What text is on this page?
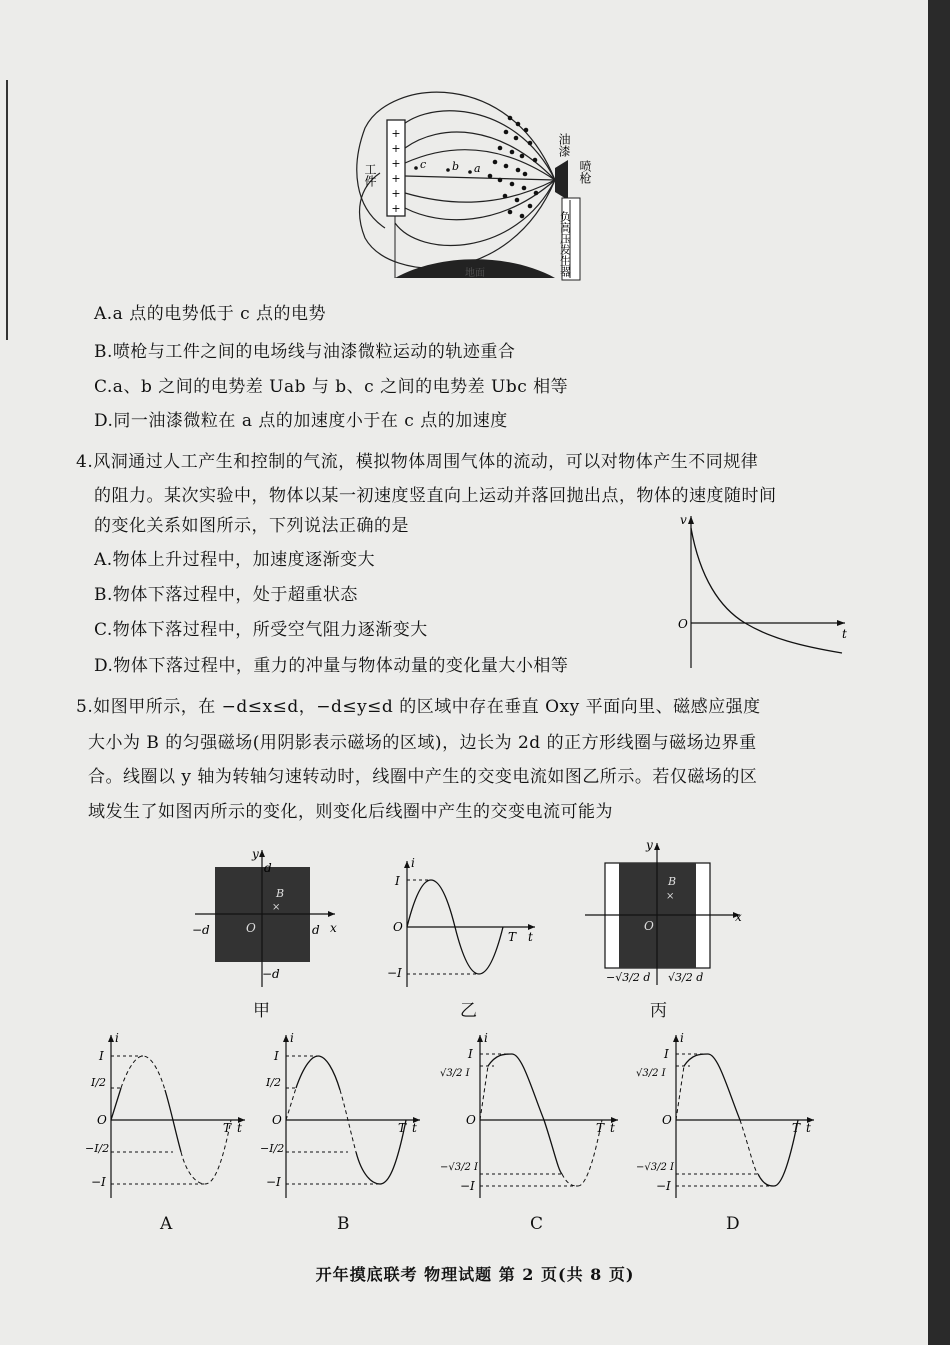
+
+
+
+
+
+
工件	c b a
油漆
喷枪
负高压发生器
地面
A.a 点的电势低于 c 点的电势
B.喷枪与工件之间的电场线与油漆微粒运动的轨迹重合
C.a、b 之间的电势差 Uab 与 b、c 之间的电势差 Ubc 相等
D.同一油漆微粒在 a 点的加速度小于在 c 点的加速度
4.风洞通过人工产生和控制的气流，模拟物体周围气体的流动，可以对物体产生不同规律
的阻力。某次实验中，物体以某一初速度竖直向上运动并落回抛出点，物体的速度随时间
的变化关系如图所示，下列说法正确的是
A.物体上升过程中，加速度逐渐变大
B.物体下落过程中，处于超重状态
C.物体下落过程中，所受空气阻力逐渐变大
D.物体下落过程中，重力的冲量与物体动量的变化量大小相等
v
t
O
5.如图甲所示，在 −d≤x≤d，−d≤y≤d 的区域中存在垂直 Oxy 平面向里、磁感应强度
大小为 B 的匀强磁场(用阴影表示磁场的区域)，边长为 2d 的正方形线圈与磁场边界重
合。线圈以 y 轴为转轴匀速转动时，线圈中产生的交变电流如图乙所示。若仅磁场的区
域发生了如图丙所示的变化，则变化后线圈中产生的交变电流可能为
y
d
x
d
−d
−d
O
B
×
甲
i
I
O
−I
T t
乙
y
x
O
B
×
−√3/2 d √3/2 d
丙
i
I
I/2
O
−I/2
−I
T t
A
i
I
I/2
O
−I/2
−I
T t
B
i
I
√3/2 I
O
−√3/2 I
−I
T t
C
i
I
√3/2 I
O
−√3/2 I
−I
T t
D
开年摸底联考 物理试题 第 2 页(共 8 页)
